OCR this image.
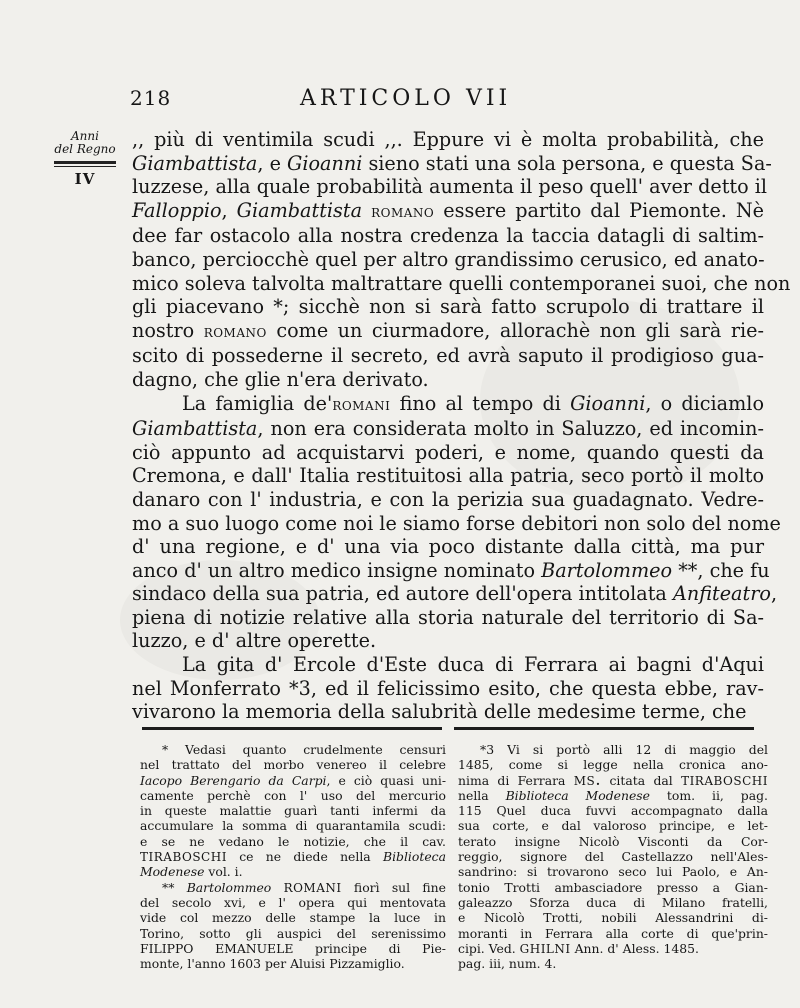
218	ARTICOLO VII
Anni
del Regno
IV
,, più di ventimila scudi ,,. Eppure vi è molta probabilità, che
Giambattista, e Gioanni sieno stati una sola persona, e questa Sa-
luzzese, alla quale probabilità aumenta il peso quell' aver detto il
Falloppio, Giambattista romano essere partito dal Piemonte. Nè
dee far ostacolo alla nostra credenza la taccia datagli di saltim-
banco, perciocchè quel per altro grandissimo cerusico, ed anato-
mico soleva talvolta maltrattare quelli contemporanei suoi, che non
gli piacevano *; sicchè non si sarà fatto scrupolo di trattare il
nostro romano come un ciurmadore, allorachè non gli sarà rie-
scito di possederne il secreto, ed avrà saputo il prodigioso gua-
dagno, che glie n'era derivato.
La famiglia de'romani fino al tempo di Gioanni, o diciamlo
Giambattista, non era considerata molto in Saluzzo, ed incomin-
ciò appunto ad acquistarvi poderi, e nome, quando questi da
Cremona, e dall' Italia restituitosi alla patria, seco portò il molto
danaro con l' industria, e con la perizia sua guadagnato. Vedre-
mo a suo luogo come noi le siamo forse debitori non solo del nome
d' una regione, e d' una via poco distante dalla città, ma pur
anco d' un altro medico insigne nominato Bartolommeo **, che fu
sindaco della sua patria, ed autore dell'opera intitolata Anfiteatro,
piena di notizie relative alla storia naturale del territorio di Sa-
luzzo, e d' altre operette.
La gita d' Ercole d'Este duca di Ferrara ai bagni d'Aqui
nel Monferrato *3, ed il felicissimo esito, che questa ebbe, rav-
vivarono la memoria della salubrità delle medesime terme, che
* Vedasi quanto crudelmente censuri
nel trattato del morbo venereo il celebre
Iacopo Berengario da Carpi, e ciò quasi uni-
camente perchè con l' uso del mercurio
in queste malattie guarì tanti infermi da
accumulare la somma di quarantamila scudi:
e se ne vedano le notizie, che il cav.
tiraboschi ce ne diede nella Biblioteca
Modenese vol. i.
** Bartolommeo romani fiorì sul fine
del secolo xvi, e l' opera qui mentovata
vide col mezzo delle stampe la luce in
Torino, sotto gli auspici del serenissimo
FILIPPO EMANUELE principe di Pie-
monte, l'anno 1603 per Aluisi Pizzamiglio.
*3 Vi si portò alli 12 di maggio del
1485, come si legge nella cronica ano-
nima di Ferrara ms. citata dal tiraboschi
nella Biblioteca Modenese tom. ii, pag.
115 Quel duca fuvvi accompagnato dalla
sua corte, e dal valoroso principe, e let-
terato insigne Nicolò Visconti da Cor-
reggio, signore del Castellazzo nell'Ales-
sandrino: si trovarono seco lui Paolo, e An-
tonio Trotti ambasciadore presso a Gian-
galeazzo Sforza duca di Milano fratelli,
e Nicolò Trotti, nobili Alessandrini di-
moranti in Ferrara alla corte di que'prin-
cipi. Ved. ghilni Ann. d' Aless. 1485.
pag. iii, num. 4.
